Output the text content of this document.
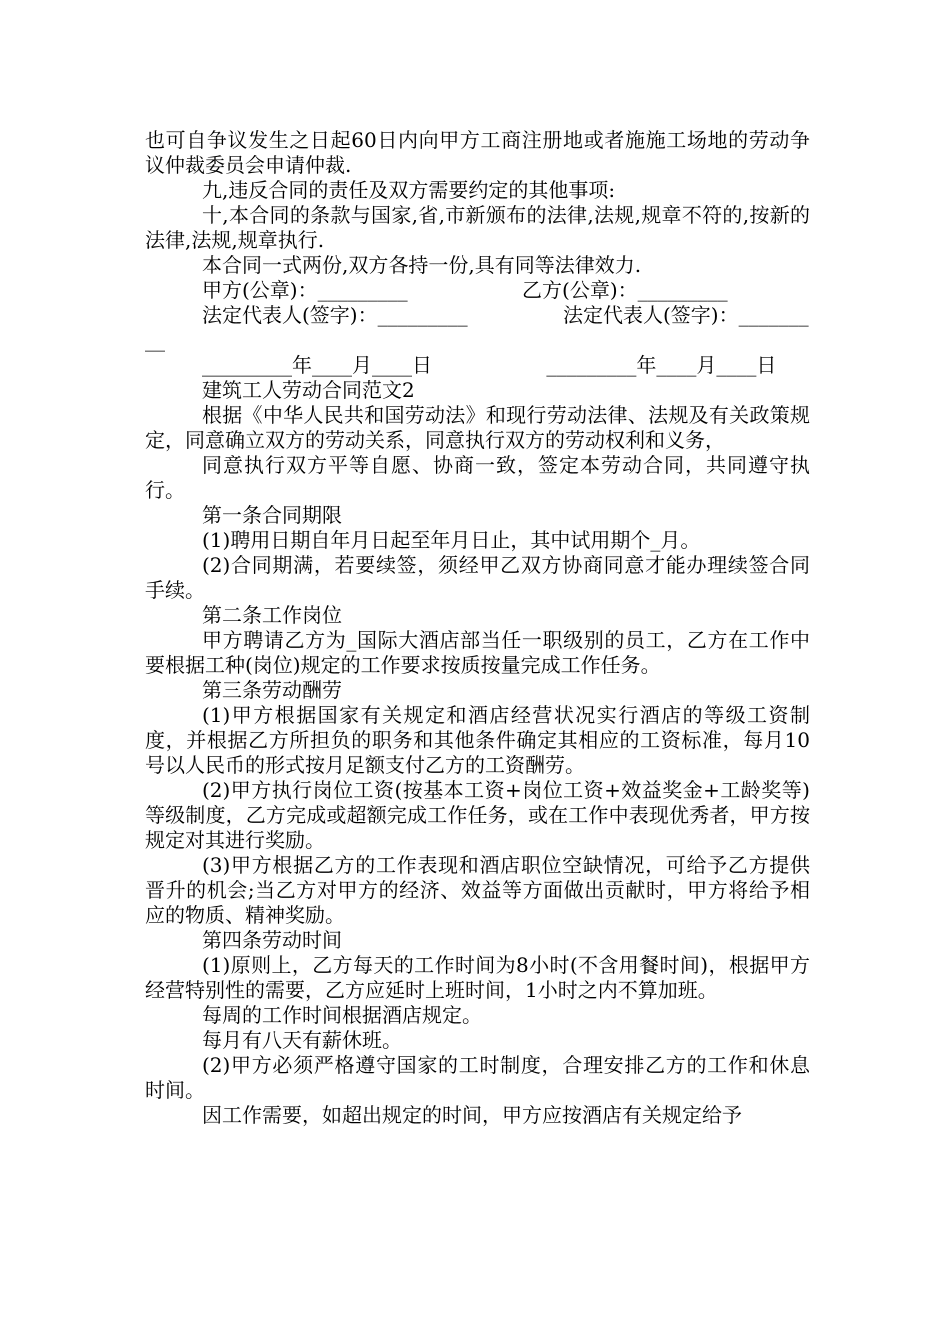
也可自争议发生之日起60日内向甲方工商注册地或者施施工场地的劳动争议仲裁委员会申请仲裁.

九,违反合同的责任及双方需要约定的其他事项:

十,本合同的条款与国家,省,市新颁布的法律,法规,规章不符的,按新的法律,法规,规章执行.

本合同一式两份,双方各持一份,具有同等法律效力.

甲方(公章)：_________                  乙方(公章)：_________

法定代表人(签字)：_________               法定代表人(签字)：_________

_________年____月____日                  _________年____月____日

建筑工人劳动合同范文2

根据《中华人民共和国劳动法》和现行劳动法律、法规及有关政策规定，同意确立双方的劳动关系，同意执行双方的劳动权利和义务，

同意执行双方平等自愿、协商一致，签定本劳动合同，共同遵守执行。

第一条合同期限

(1)聘用日期自年月日起至年月日止，其中试用期个_月。

(2)合同期满，若要续签，须经甲乙双方协商同意才能办理续签合同手续。

第二条工作岗位

甲方聘请乙方为_国际大酒店部当任一职级别的员工，乙方在工作中要根据工种(岗位)规定的工作要求按质按量完成工作任务。

第三条劳动酬劳

(1)甲方根据国家有关规定和酒店经营状况实行酒店的等级工资制度，并根据乙方所担负的职务和其他条件确定其相应的工资标准，每月10号以人民币的形式按月足额支付乙方的工资酬劳。

(2)甲方执行岗位工资(按基本工资+岗位工资+效益奖金+工龄奖等)等级制度，乙方完成或超额完成工作任务，或在工作中表现优秀者，甲方按规定对其进行奖励。

(3)甲方根据乙方的工作表现和酒店职位空缺情况，可给予乙方提供晋升的机会;当乙方对甲方的经济、效益等方面做出贡献时，甲方将给予相应的物质、精神奖励。

第四条劳动时间

(1)原则上，乙方每天的工作时间为8小时(不含用餐时间)，根据甲方经营特别性的需要，乙方应延时上班时间，1小时之内不算加班。

每周的工作时间根据酒店规定。

每月有八天有薪休班。

(2)甲方必须严格遵守国家的工时制度，合理安排乙方的工作和休息时间。

因工作需要，如超出规定的时间，甲方应按酒店有关规定给予
